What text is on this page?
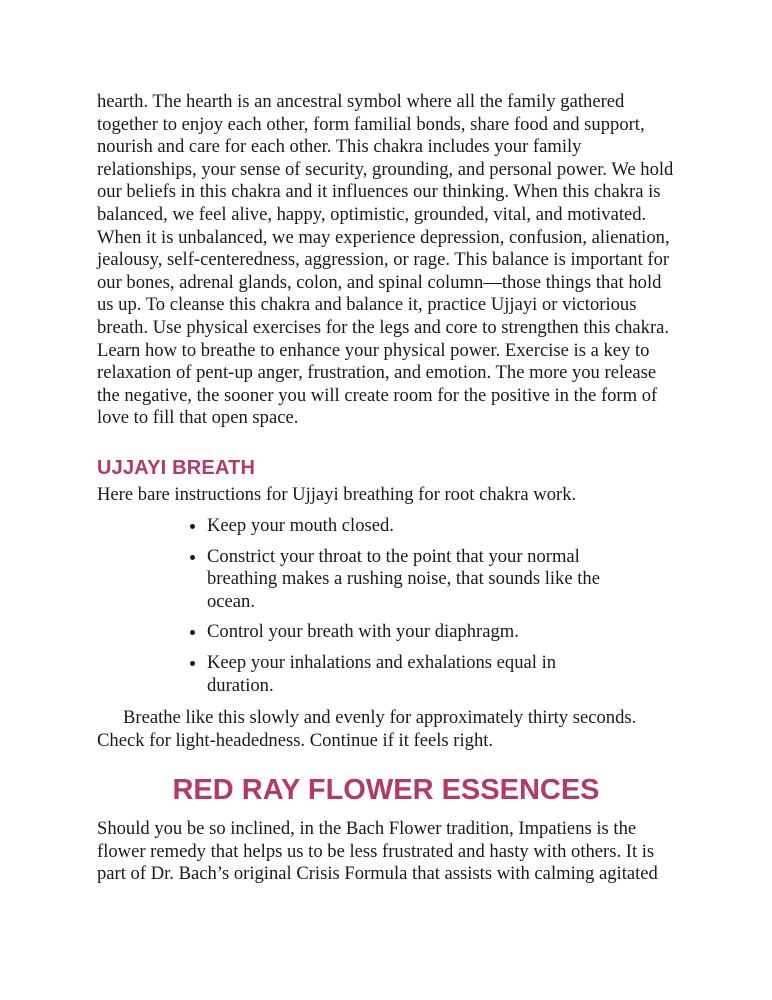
hearth. The hearth is an ancestral symbol where all the family gathered together to enjoy each other, form familial bonds, share food and support, nourish and care for each other. This chakra includes your family relationships, your sense of security, grounding, and personal power. We hold our beliefs in this chakra and it influences our thinking. When this chakra is balanced, we feel alive, happy, optimistic, grounded, vital, and motivated. When it is unbalanced, we may experience depression, confusion, alienation, jealousy, self-centeredness, aggression, or rage. This balance is important for our bones, adrenal glands, colon, and spinal column—those things that hold us up. To cleanse this chakra and balance it, practice Ujjayi or victorious breath. Use physical exercises for the legs and core to strengthen this chakra. Learn how to breathe to enhance your physical power. Exercise is a key to relaxation of pent-up anger, frustration, and emotion. The more you release the negative, the sooner you will create room for the positive in the form of love to fill that open space.

UJJAYI BREATH

Here bare instructions for Ujjayi breathing for root chakra work.

• Keep your mouth closed.
• Constrict your throat to the point that your normal breathing makes a rushing noise, that sounds like the ocean.
• Control your breath with your diaphragm.
• Keep your inhalations and exhalations equal in duration.

Breathe like this slowly and evenly for approximately thirty seconds. Check for light-headedness. Continue if it feels right.

RED RAY FLOWER ESSENCES

Should you be so inclined, in the Bach Flower tradition, Impatiens is the flower remedy that helps us to be less frustrated and hasty with others. It is part of Dr. Bach’s original Crisis Formula that assists with calming agitated
